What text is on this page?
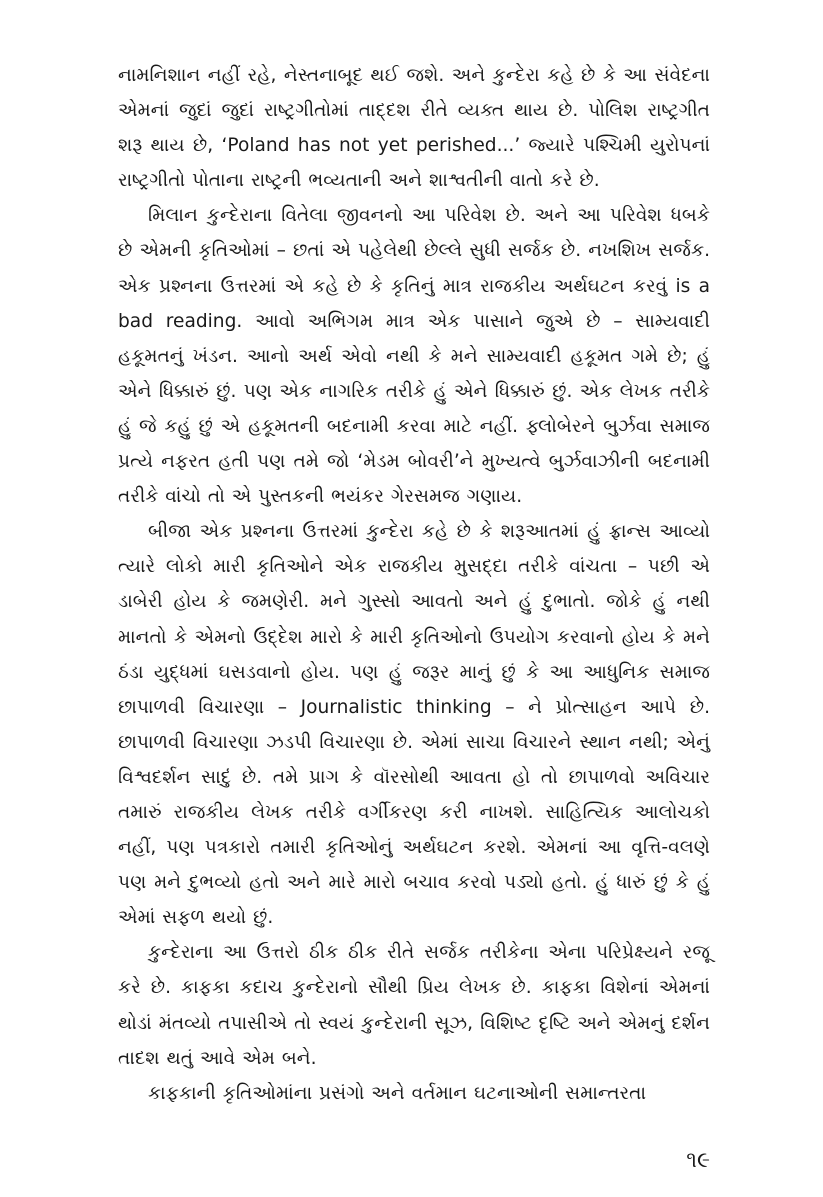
નામનિશાન નહીં રહે, નેસ્તનાબૂદ થઈ જશે. અને કુન્દેરા કહે છે કે આ સંવેદના એમનાં જુદાં જુદાં રાષ્ટ્રગીતોમાં તાદ્દશ રીતે વ્યક્ત થાય છે. પોલિશ રાષ્ટ્રગીત શરૂ થાય છે, ‘Poland has not yet perished...’ જ્યારે પશ્ચિમી યુરોપનાં રાષ્ટ્રગીતો પોતાના રાષ્ટ્રની ભવ્યતાની અને શાશ્વતીની વાતો કરે છે.

મિલાન કુન્દેરાના વિતેલા જીવનનો આ પરિવેશ છે. અને આ પરિવેશ ધબકે છે એમની કૃતિઓમાં – છતાં એ પહેલેથી છેલ્લે સુધી સર્જક છે. નખશિખ સર્જક. એક પ્રશ્નના ઉત્તરમાં એ કહે છે કે કૃતિનું માત્ર રાજકીય અર્થઘટન કરવું is a bad reading. આવો અભિગમ માત્ર એક પાસાને જુએ છે – સામ્યવાદી હકૂમતનું ખંડન. આનો અર્થ એવો નથી કે મને સામ્યવાદી હકૂમત ગમે છે; હું એને ધિક્કારું છું. પણ એક નાગરિક તરીકે હું એને ધિક્કારું છું. એક લેખક તરીકે હું જે કહું છું એ હકૂમતની બદનામી કરવા માટે નહીં. ફ્લોબેરને બુર્ઝવા સમાજ પ્રત્યે નફરત હતી પણ તમે જો ‘મેડમ બોવરી’ને મુખ્યત્વે બુર્ઝવાઝીની બદનામી તરીકે વાંચો તો એ પુસ્તકની ભયંકર ગેરસમજ ગણાય.

બીજા એક પ્રશ્નના ઉત્તરમાં કુન્દેરા કહે છે કે શરૂઆતમાં હું ફ્રાન્સ આવ્યો ત્યારે લોકો મારી કૃતિઓને એક રાજકીય મુસદ્દા તરીકે વાંચતા – પછી એ ડાબેરી હોય કે જમણેરી. મને ગુસ્સો આવતો અને હું દુભાતો. જોકે હું નથી માનતો કે એમનો ઉદ્દેશ મારો કે મારી કૃતિઓનો ઉપયોગ કરવાનો હોય કે મને ઠંડા યુદ્ધમાં ઘસડવાનો હોય. પણ હું જરૂર માનું છું કે આ આધુનિક સમાજ છાપાળવી વિચારણા – Journalistic thinking – ને પ્રોત્સાહન આપે છે. છાપાળવી વિચારણા ઝડપી વિચારણા છે. એમાં સાચા વિચારને સ્થાન નથી; એનું વિશ્વદર્શન સાદું છે. તમે પ્રાગ કે વૉરસોથી આવતા હો તો છાપાળવો અવિચાર તમારું રાજકીય લેખક તરીકે વર્ગીકરણ કરી નાખશે. સાહિત્યિક આલોચકો નહીં, પણ પત્રકારો તમારી કૃતિઓનું અર્થઘટન કરશે. એમનાં આ વૃત્તિ-વલણે પણ મને દુભવ્યો હતો અને મારે મારો બચાવ કરવો પડ્યો હતો. હું ધારું છું કે હું એમાં સફળ થયો છું.

કુન્દેરાના આ ઉત્તરો ઠીક ઠીક રીતે સર્જક તરીકેના એના પરિપ્રેક્ષ્યને રજૂ કરે છે. કાફકા કદાચ કુન્દેરાનો સૌથી પ્રિય લેખક છે. કાફકા વિશેનાં એમનાં થોડાં મંતવ્યો તપાસીએ તો સ્વયં કુન્દેરાની સૂઝ, વિશિષ્ટ દૃષ્ટિ અને એમનું દર્શન તાદશ થતું આવે એમ બને.

કાફકાની કૃતિઓમાંના પ્રસંગો અને વર્તમાન ઘટનાઓની સમાન્તરતા

૧૯
